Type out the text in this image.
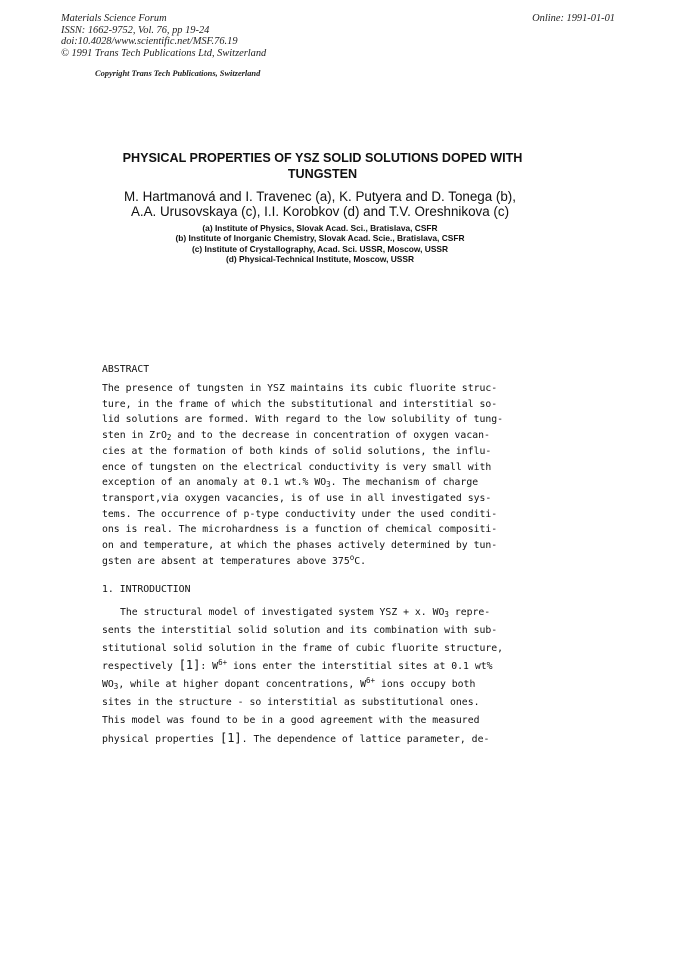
Materials Science Forum
ISSN: 1662-9752, Vol. 76, pp 19-24
doi:10.4028/www.scientific.net/MSF.76.19
© 1991 Trans Tech Publications Ltd, Switzerland
Online: 1991-01-01
Copyright Trans Tech Publications, Switzerland
PHYSICAL PROPERTIES OF YSZ SOLID SOLUTIONS DOPED WITH
TUNGSTEN
M. Hartmanová and I. Travenec (a), K. Putyera and D. Tonega (b),
A.A. Urusovskaya (c), I.I. Korobkov (d) and T.V. Oreshnikova (c)
(a) Institute of Physics, Slovak Acad. Sci., Bratislava, CSFR
(b) Institute of Inorganic Chemistry, Slovak Acad. Scie., Bratislava, CSFR
(c) Institute of Crystallography, Acad. Sci. USSR, Moscow, USSR
(d) Physical-Technical Institute, Moscow, USSR
ABSTRACT
The presence of tungsten in YSZ maintains its cubic fluorite struc-
ture, in the frame of which the substitutional and interstitial so-
lid solutions are formed. With regard to the low solubility of tung-
sten in ZrO$_2$ and to the decrease in concentration of oxygen vacan-
cies at the formation of both kinds of solid solutions, the influ-
ence of tungsten on the electrical conductivity is very small with
exception of an anomaly at 0.1 wt.% $WO_3$. The mechanism of charge
transport,via oxygen vacancies, is of use in all investigated sys-
tems. The occurrence of p-type conductivity under the used conditi-
ons is real. The microhardness is a function of chemical compositi-
on and temperature, at which the phases actively determined by tun-
gsten are absent at temperatures above 375$^o$C.
1. INTRODUCTION
The structural model of investigated system YSZ + x. $WO_3$ repre-
sents the interstitial solid solution and its combination with sub-
stitutional solid solution in the frame of cubic fluorite structure,
respectively [1]: $W^{6+}$ ions enter the interstitial sites at 0.1 wt%
$WO_3$, while at higher dopant concentrations, $W^{6+}$ ions occupy both
sites in the structure - so interstitial as substitutional ones.
This model was found to be in a good agreement with the measured
physical properties [1]. The dependence of lattice parameter, de-
